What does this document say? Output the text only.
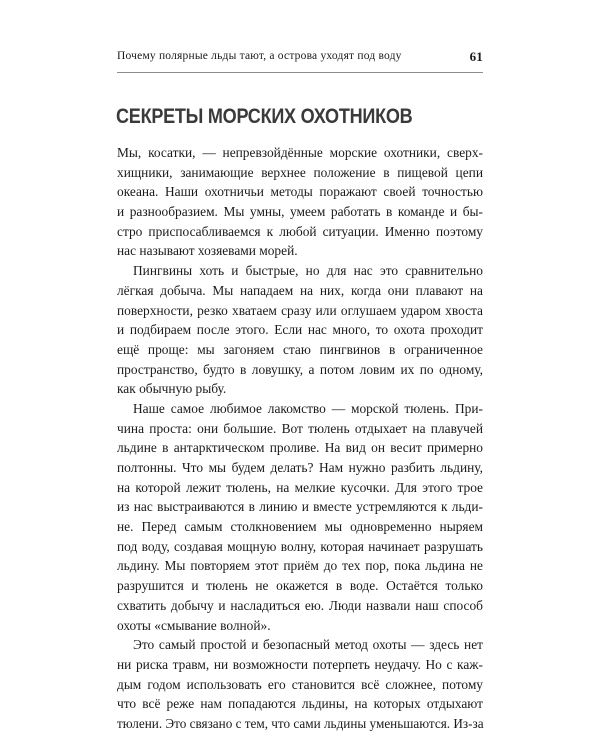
Почему полярные льды тают, а острова уходят под воду	61
СЕКРЕТЫ МОРСКИХ ОХОТНИКОВ
Мы, косатки, — непревзойдённые морские охотники, сверх-
хищники, занимающие верхнее положение в пищевой цепи
океана. Наши охотничьи методы поражают своей точностью
и разнообразием. Мы умны, умеем работать в команде и бы-
стро приспосабливаемся к любой ситуации. Именно поэтому
нас называют хозяевами морей.
Пингвины хоть и быстрые, но для нас это сравнительно
лёгкая добыча. Мы нападаем на них, когда они плавают на
поверхности, резко хватаем сразу или оглушаем ударом хвоста
и подбираем после этого. Если нас много, то охота проходит
ещё проще: мы загоняем стаю пингвинов в ограниченное
пространство, будто в ловушку, а потом ловим их по одному,
как обычную рыбу.
Наше самое любимое лакомство — морской тюлень. При-
чина проста: они большие. Вот тюлень отдыхает на плавучей
льдине в антарктическом проливе. На вид он весит примерно
полтонны. Что мы будем делать? Нам нужно разбить льдину,
на которой лежит тюлень, на мелкие кусочки. Для этого трое
из нас выстраиваются в линию и вместе устремляются к льди-
не. Перед самым столкновением мы одновременно ныряем
под воду, создавая мощную волну, которая начинает разрушать
льдину. Мы повторяем этот приём до тех пор, пока льдина не
разрушится и тюлень не окажется в воде. Остаётся только
схватить добычу и насладиться ею. Люди назвали наш способ
охоты «смывание волной».
Это самый простой и безопасный метод охоты — здесь нет
ни риска травм, ни возможности потерпеть неудачу. Но с каж-
дым годом использовать его становится всё сложнее, потому
что всё реже нам попадаются льдины, на которых отдыхают
тюлени. Это связано с тем, что сами льдины уменьшаются. Из-за
